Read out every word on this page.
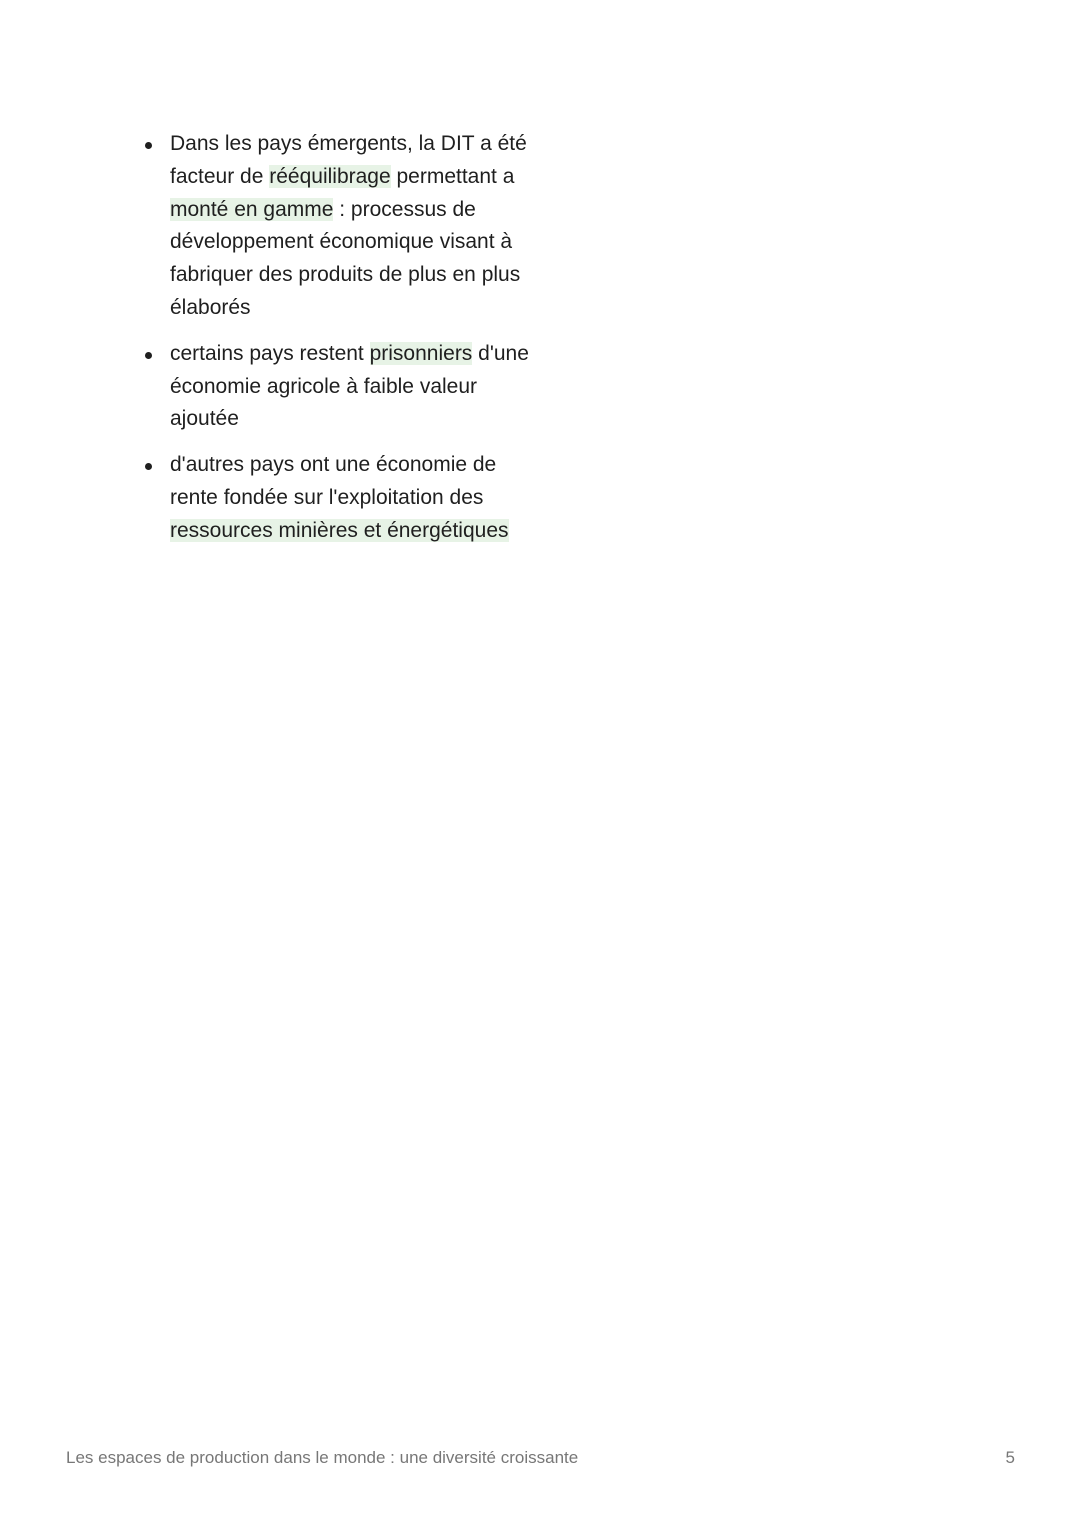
Dans les pays émergents, la DIT a été facteur de rééquilibrage permettant a monté en gamme : processus de développement économique visant à fabriquer des produits de plus en plus élaborés
certains pays restent prisonniers d'une économie agricole à faible valeur ajoutée
d'autres pays ont une économie de rente fondée sur l'exploitation des ressources minières et énergétiques
Les espaces de production dans le monde : une diversité croissante	5
